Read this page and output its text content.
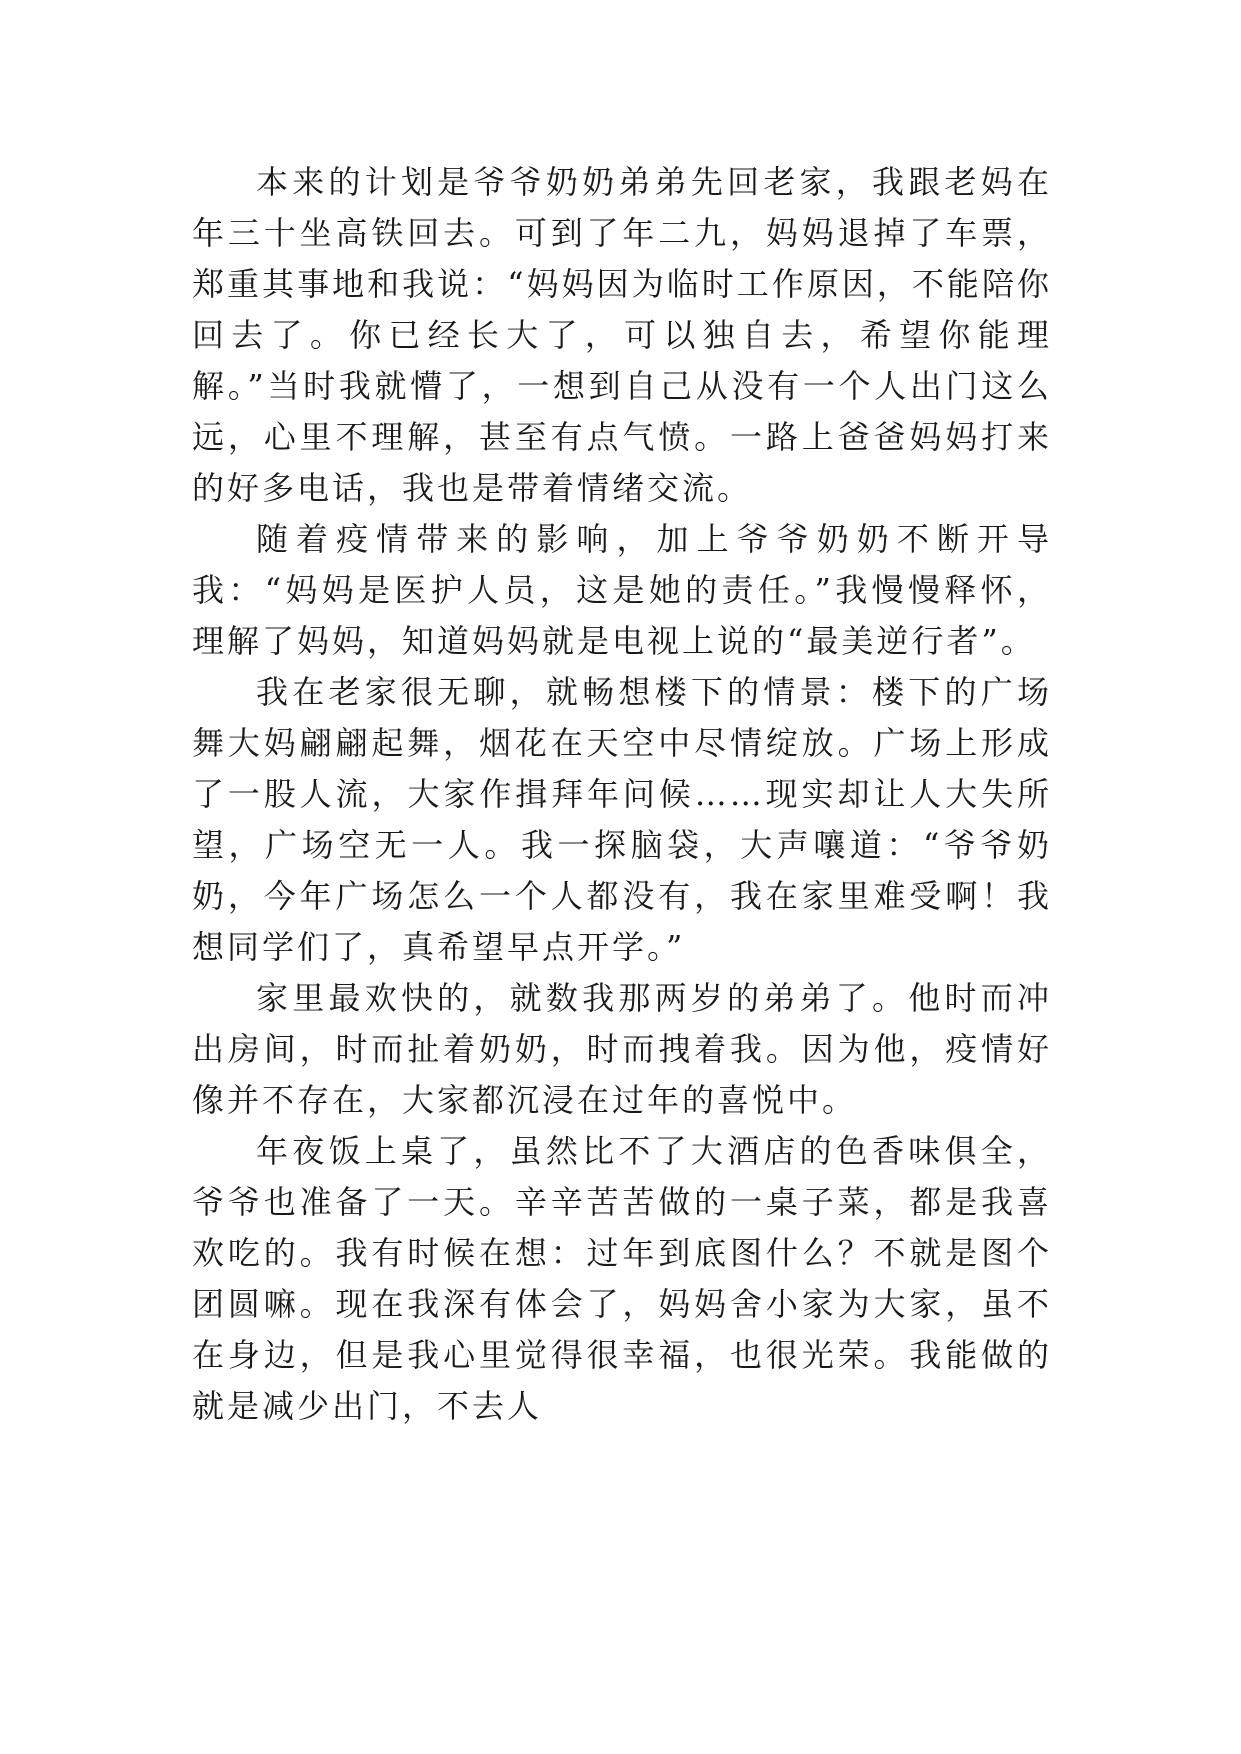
本来的计划是爷爷奶奶弟弟先回老家，我跟老妈在年三十坐高铁回去。可到了年二九，妈妈退掉了车票，郑重其事地和我说：“妈妈因为临时工作原因，不能陪你回去了。你已经长大了，可以独自去，希望你能理解。”当时我就懵了，一想到自己从没有一个人出门这么远，心里不理解，甚至有点气愤。一路上爸爸妈妈打来的好多电话，我也是带着情绪交流。

随着疫情带来的影响，加上爷爷奶奶不断开导我：“妈妈是医护人员，这是她的责任。”我慢慢释怀，理解了妈妈，知道妈妈就是电视上说的“最美逆行者”。

我在老家很无聊，就畅想楼下的情景：楼下的广场舞大妈翩翩起舞，烟花在天空中尽情绽放。广场上形成了一股人流，大家作揖拜年问候……现实却让人大失所望，广场空无一人。我一探脑袋，大声嚷道：“爷爷奶奶，今年广场怎么一个人都没有，我在家里难受啊！我想同学们了，真希望早点开学。”

家里最欢快的，就数我那两岁的弟弟了。他时而冲出房间，时而扯着奶奶，时而拽着我。因为他，疫情好像并不存在，大家都沉浸在过年的喜悦中。

年夜饭上桌了，虽然比不了大酒店的色香味俱全，爷爷也准备了一天。辛辛苦苦做的一桌子菜，都是我喜欢吃的。我有时候在想：过年到底图什么？不就是图个团圆嘛。现在我深有体会了，妈妈舍小家为大家，虽不在身边，但是我心里觉得很幸福，也很光荣。我能做的就是减少出门，不去人
